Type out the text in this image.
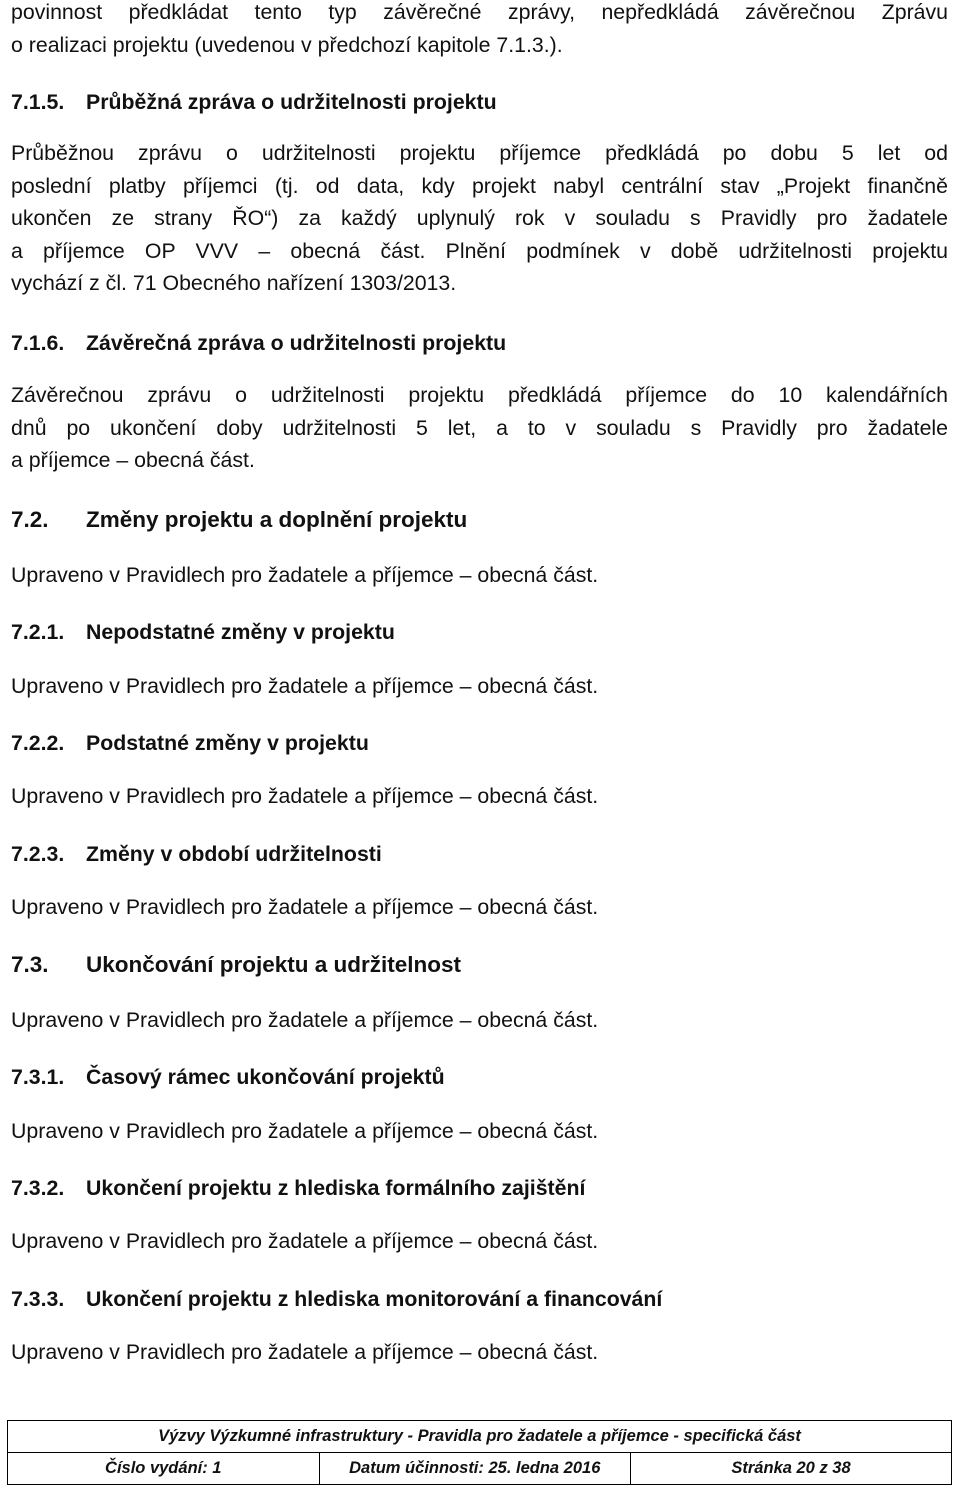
povinnost předkládat tento typ závěrečné zprávy, nepředkládá závěrečnou Zprávu
o realizaci projektu (uvedenou v předchozí kapitole 7.1.3.).
7.1.5. Průběžná zpráva o udržitelnosti projektu
Průběžnou zprávu o udržitelnosti projektu příjemce předkládá po dobu 5 let od
poslední platby příjemci (tj. od data, kdy projekt nabyl centrální stav „Projekt finančně
ukončen ze strany ŘO“) za každý uplynulý rok v souladu s Pravidly pro žadatele
a příjemce OP VVV – obecná část. Plnění podmínek v době udržitelnosti projektu
vychází z čl. 71 Obecného nařízení 1303/2013.
7.1.6. Závěrečná zpráva o udržitelnosti projektu
Závěrečnou zprávu o udržitelnosti projektu předkládá příjemce do 10 kalendářních
dnů po ukončení doby udržitelnosti 5 let, a to v souladu s Pravidly pro žadatele
a příjemce – obecná část.
7.2. Změny projektu a doplnění projektu
Upraveno v Pravidlech pro žadatele a příjemce – obecná část.
7.2.1. Nepodstatné změny v projektu
Upraveno v Pravidlech pro žadatele a příjemce – obecná část.
7.2.2. Podstatné změny v projektu
Upraveno v Pravidlech pro žadatele a příjemce – obecná část.
7.2.3. Změny v období udržitelnosti
Upraveno v Pravidlech pro žadatele a příjemce – obecná část.
7.3. Ukončování projektu a udržitelnost
Upraveno v Pravidlech pro žadatele a příjemce – obecná část.
7.3.1. Časový rámec ukončování projektů
Upraveno v Pravidlech pro žadatele a příjemce – obecná část.
7.3.2. Ukončení projektu z hlediska formálního zajištění
Upraveno v Pravidlech pro žadatele a příjemce – obecná část.
7.3.3. Ukončení projektu z hlediska monitorování a financování
Upraveno v Pravidlech pro žadatele a příjemce – obecná část.
Výzvy Výzkumné infrastruktury - Pravidla pro žadatele a příjemce - specifická část
Číslo vydání: 1	Datum účinnosti: 25. ledna 2016	Stránka 20 z 38
